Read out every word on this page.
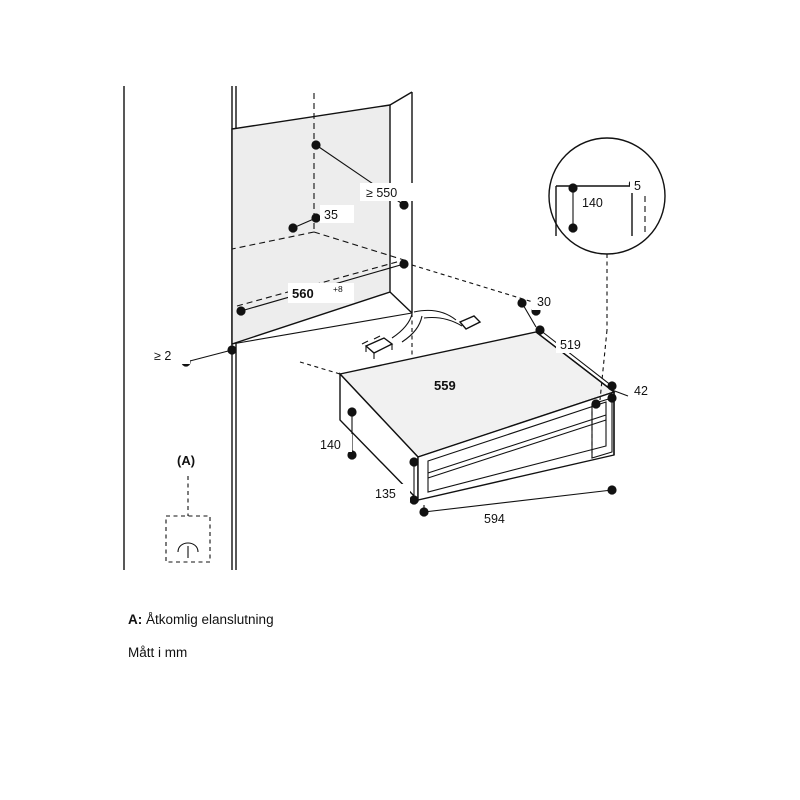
≥ 550
35
560 +8
≥ 2
30
519
559
140
135
594
42
140
5
(A)
A: Åtkomlig elanslutning
Mått i mm
